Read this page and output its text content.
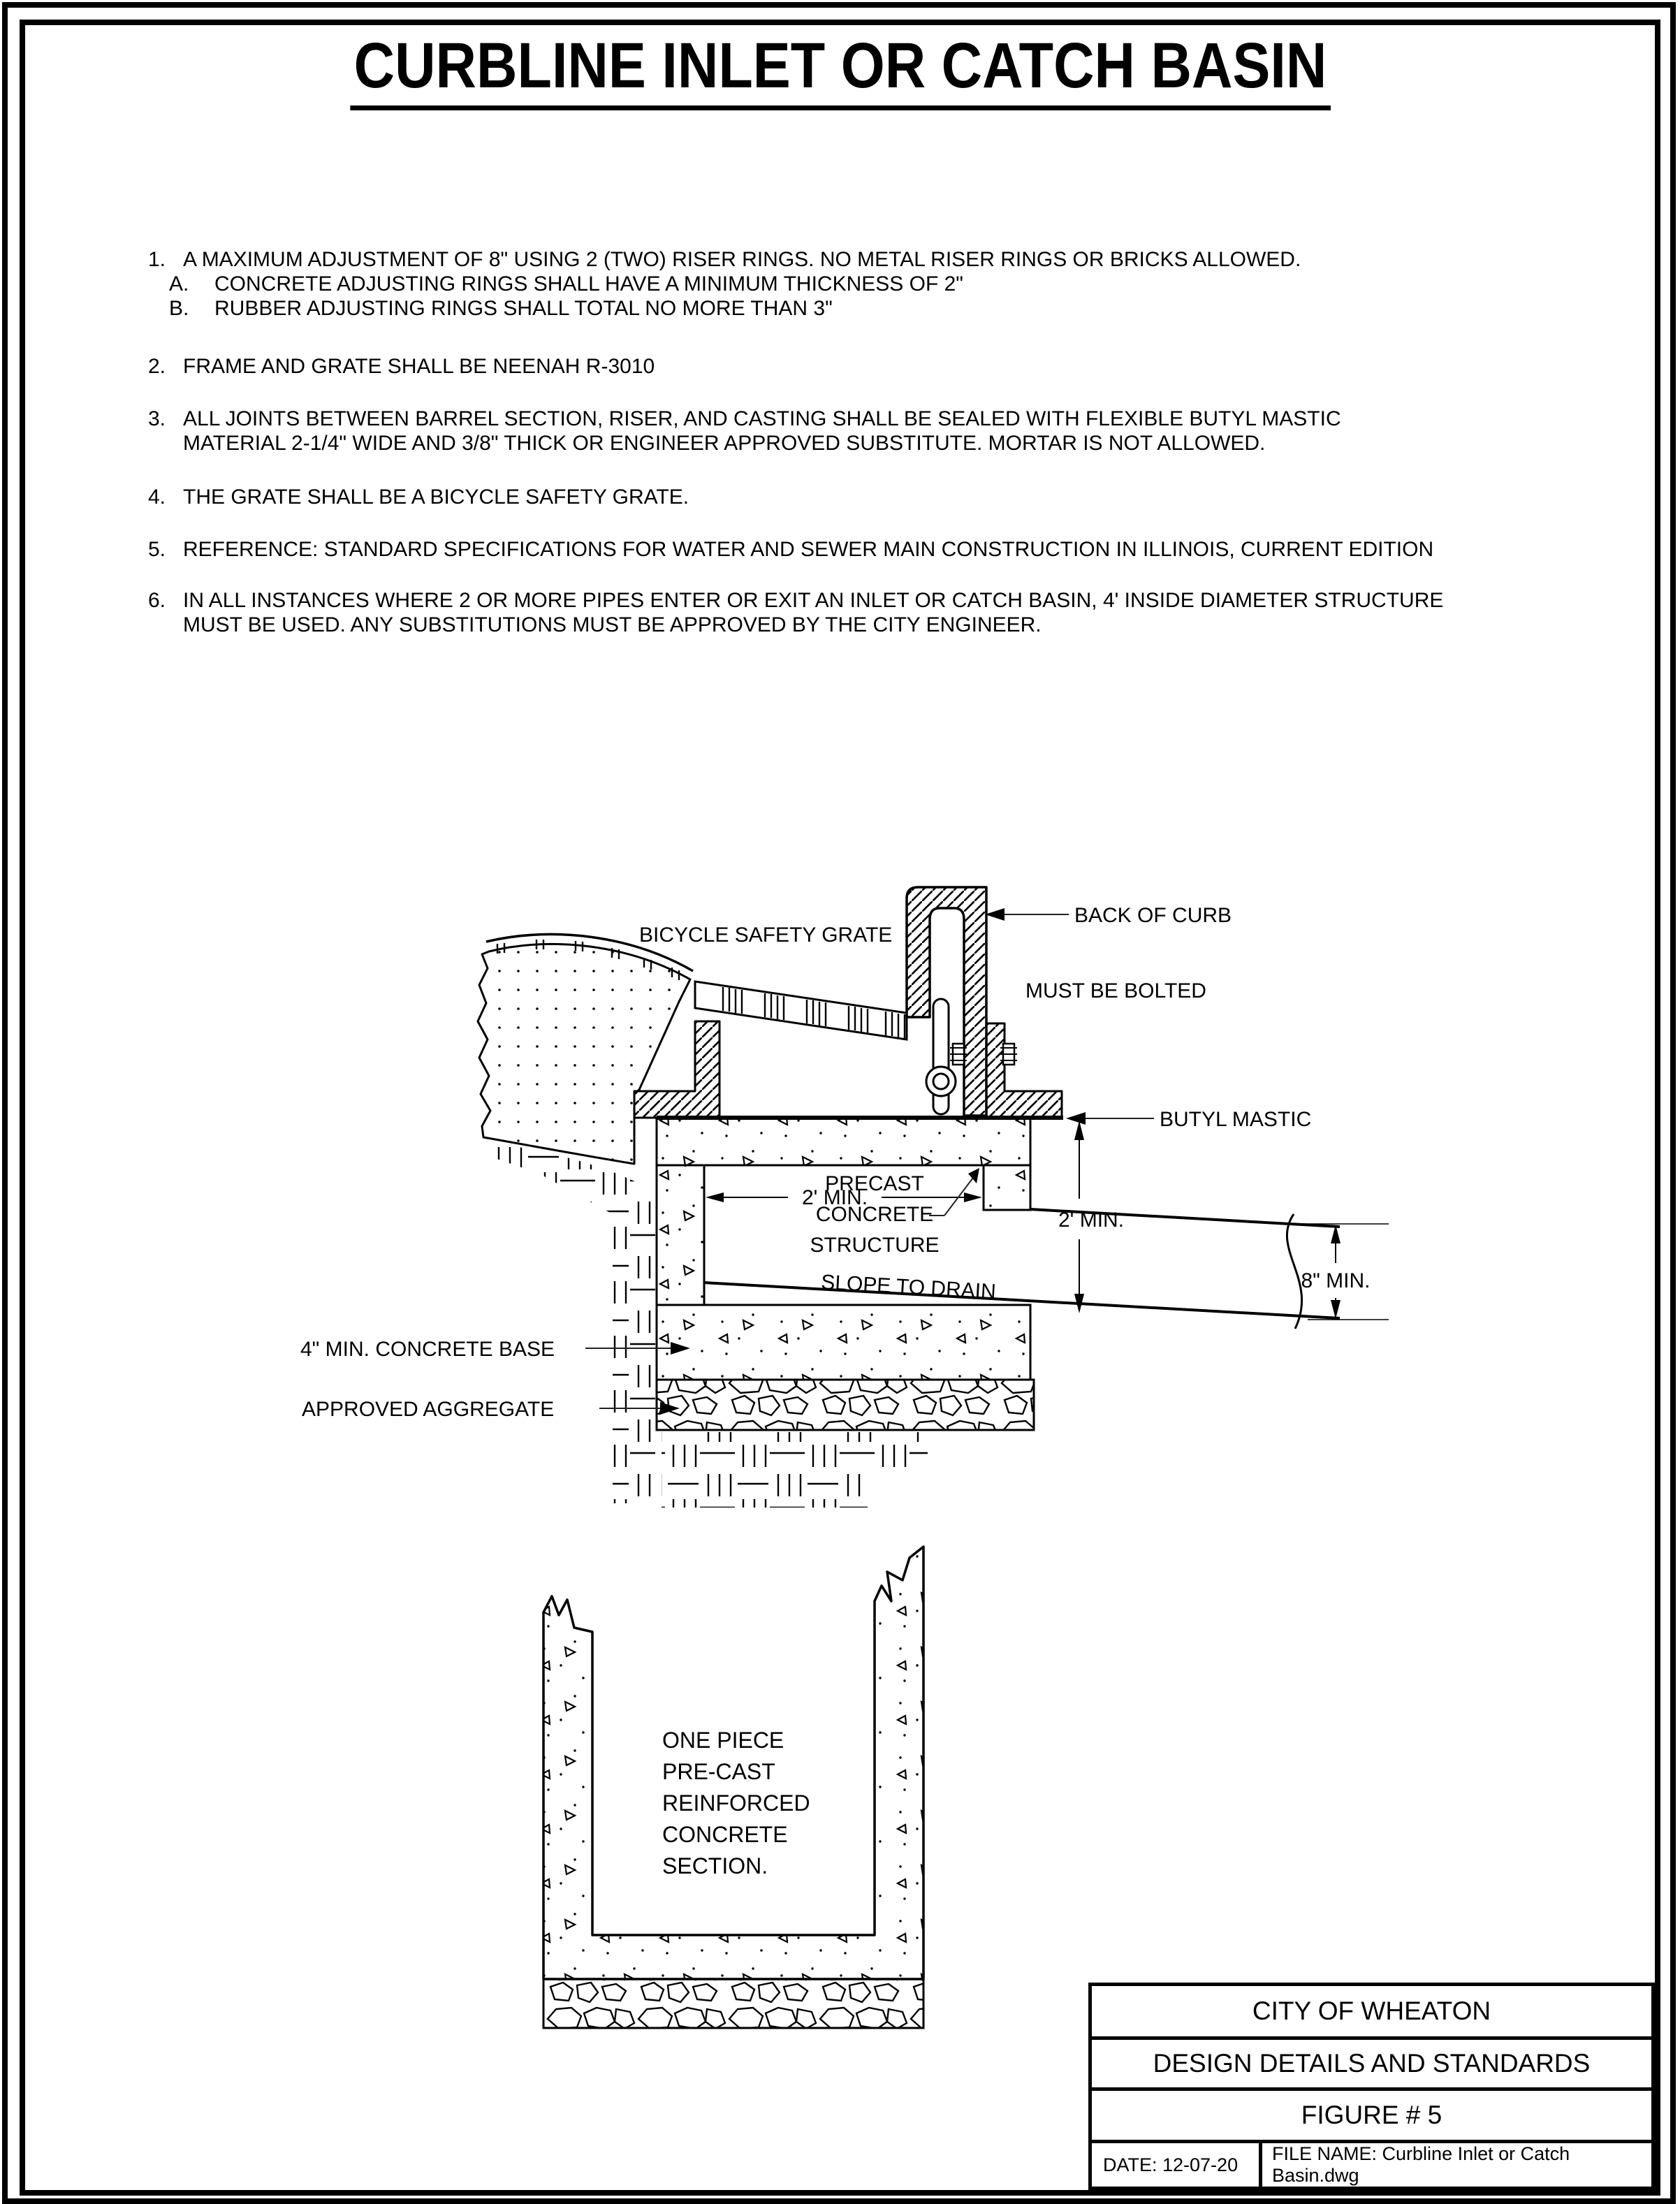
CURBLINE INLET OR CATCH BASIN
1. A MAXIMUM ADJUSTMENT OF 8" USING 2 (TWO) RISER RINGS. NO METAL RISER RINGS OR BRICKS ALLOWED.
A. CONCRETE ADJUSTING RINGS SHALL HAVE A MINIMUM THICKNESS OF 2"
B. RUBBER ADJUSTING RINGS SHALL TOTAL NO MORE THAN 3"
2. FRAME AND GRATE SHALL BE NEENAH R-3010
3. ALL JOINTS BETWEEN BARREL SECTION, RISER, AND CASTING SHALL BE SEALED WITH FLEXIBLE BUTYL MASTIC
MATERIAL 2-1/4" WIDE AND 3/8" THICK OR ENGINEER APPROVED SUBSTITUTE. MORTAR IS NOT ALLOWED.
4. THE GRATE SHALL BE A BICYCLE SAFETY GRATE.
5. REFERENCE: STANDARD SPECIFICATIONS FOR WATER AND SEWER MAIN CONSTRUCTION IN ILLINOIS, CURRENT EDITION
6. IN ALL INSTANCES WHERE 2 OR MORE PIPES ENTER OR EXIT AN INLET OR CATCH BASIN, 4' INSIDE DIAMETER STRUCTURE
MUST BE USED. ANY SUBSTITUTIONS MUST BE APPROVED BY THE CITY ENGINEER.
2' MIN.
2' MIN.
8" MIN.
BICYCLE SAFETY GRATE
BACK OF CURB
MUST BE BOLTED
BUTYL MASTIC
PRECAST
CONCRETE
STRUCTURE
SLOPE TO DRAIN
4" MIN. CONCRETE BASE
APPROVED AGGREGATE
ONE PIECE
PRE-CAST
REINFORCED
CONCRETE
SECTION.
CITY OF WHEATON
DESIGN DETAILS AND STANDARDS
FIGURE # 5
DATE: 12-07-20
FILE NAME: Curbline Inlet or Catch Basin.dwg
